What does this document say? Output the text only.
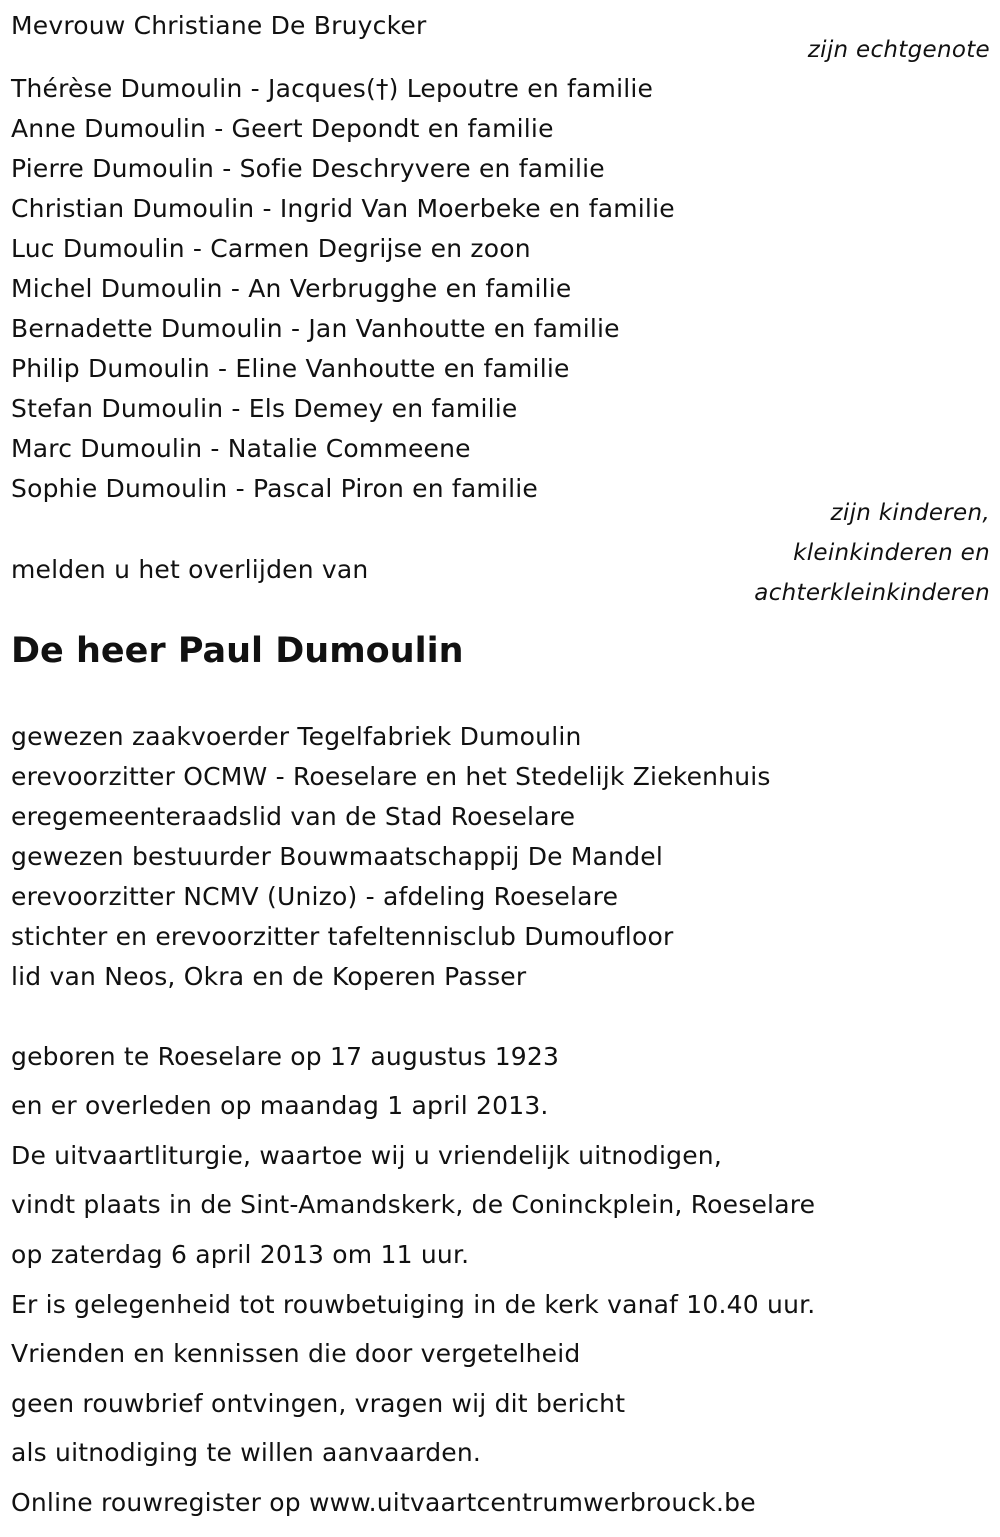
Mevrouw Christiane De Bruycker
zijn echtgenote
Thérèse Dumoulin - Jacques(†) Lepoutre en familie
Anne Dumoulin - Geert Depondt en familie
Pierre Dumoulin - Sofie Deschryvere en familie
Christian Dumoulin - Ingrid Van Moerbeke en familie
Luc Dumoulin - Carmen Degrijse en zoon
Michel Dumoulin - An Verbrugghe en familie
Bernadette Dumoulin - Jan Vanhoutte en familie
Philip Dumoulin - Eline Vanhoutte en familie
Stefan Dumoulin - Els Demey en familie
Marc Dumoulin - Natalie Commeene
Sophie Dumoulin - Pascal Piron en familie
zijn kinderen,
kleinkinderen en
achterkleinkinderen
melden u het overlijden van
De heer Paul Dumoulin
gewezen zaakvoerder Tegelfabriek Dumoulin
erevoorzitter OCMW - Roeselare en het Stedelijk Ziekenhuis
eregemeenteraadslid van de Stad Roeselare
gewezen bestuurder Bouwmaatschappij De Mandel
erevoorzitter NCMV (Unizo) - afdeling Roeselare
stichter en erevoorzitter tafeltennisclub Dumoufloor
lid van Neos, Okra en de Koperen Passer
geboren te Roeselare op 17 augustus 1923
en er overleden op maandag 1 april 2013.
De uitvaartliturgie, waartoe wij u vriendelijk uitnodigen,
vindt plaats in de Sint-Amandskerk, de Coninckplein, Roeselare
op zaterdag 6 april 2013 om 11 uur.
Er is gelegenheid tot rouwbetuiging in de kerk vanaf 10.40 uur.
Vrienden en kennissen die door vergetelheid
geen rouwbrief ontvingen, vragen wij dit bericht
als uitnodiging te willen aanvaarden.
Online rouwregister op www.uitvaartcentrumwerbrouck.be
